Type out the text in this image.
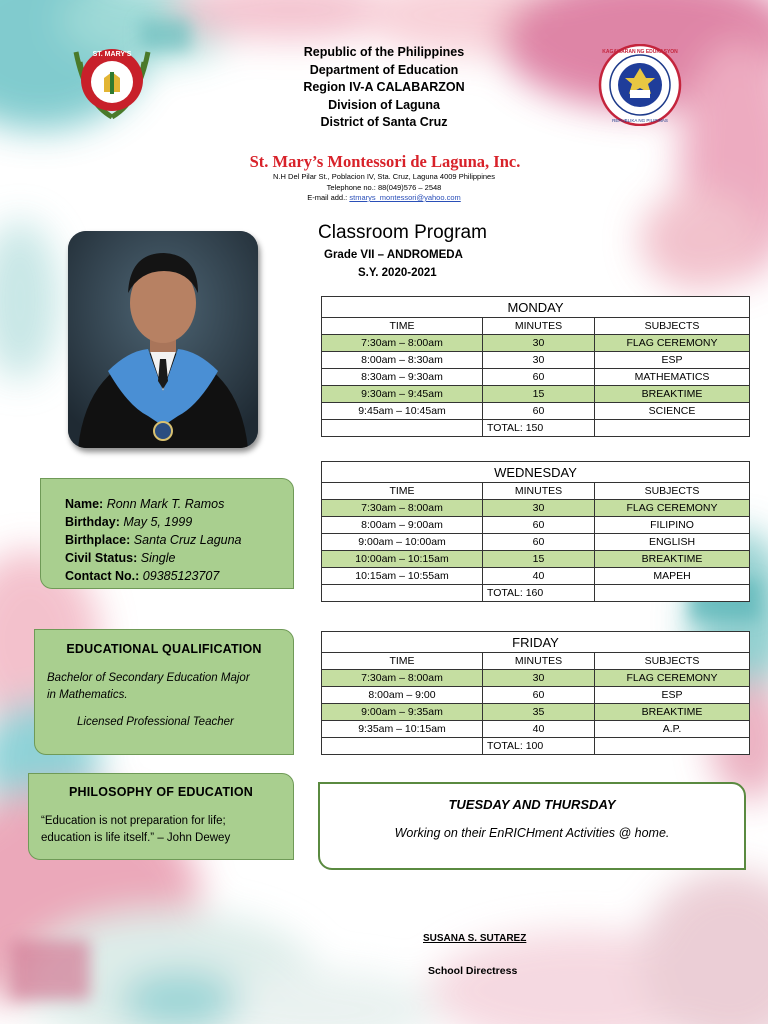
ST. MARY'S	KAGAWARAN NG EDUKASYON
REPUBLIKA NG PILIPINAS
Republic of the Philippines
Department of Education
Region IV-A CALABARZON
Division of Laguna
District of Santa Cruz
St. Mary’s Montessori de Laguna, Inc.
N.H Del Pilar St., Poblacion IV, Sta. Cruz, Laguna 4009 Philippines
Telephone no.: 88(049)576 – 2548
E-mail add.: stmarys_montessori@yahoo.com
Classroom Program
Grade VII – ANDROMEDA
S.Y. 2020-2021
MONDAY		
TIME	MINUTES	SUBJECTS
7:30am – 8:00am	30	FLAG CEREMONY
8:00am – 8:30am	30	ESP
8:30am – 9:30am	60	MATHEMATICS
9:30am – 9:45am	15	BREAKTIME
9:45am – 10:45am	60	SCIENCE
	TOTAL: 150	
WEDNESDAY		
TIME	MINUTES	SUBJECTS
7:30am – 8:00am	30	FLAG CEREMONY
8:00am – 9:00am	60	FILIPINO
9:00am – 10:00am	60	ENGLISH
10:00am – 10:15am	15	BREAKTIME
10:15am – 10:55am	40	MAPEH
	TOTAL: 160	
FRIDAY		
TIME	MINUTES	SUBJECTS
7:30am – 8:00am	30	FLAG CEREMONY
8:00am – 9:00	60	ESP
9:00am – 9:35am	35	BREAKTIME
9:35am – 10:15am	40	A.P.
	TOTAL: 100	
Name: Ronn Mark T. Ramos
Birthday: May 5, 1999
Birthplace: Santa Cruz Laguna
Civil Status: Single
Contact No.: 09385123707
EDUCATIONAL QUALIFICATION
Bachelor of Secondary Education Major
in Mathematics.
Licensed Professional Teacher
PHILOSOPHY OF EDUCATION
“Education is not preparation for life;
education is life itself.” – John Dewey
TUESDAY AND THURSDAY
Working on their EnRICHment Activities @ home.
SUSANA S. SUTAREZ
School Directress
